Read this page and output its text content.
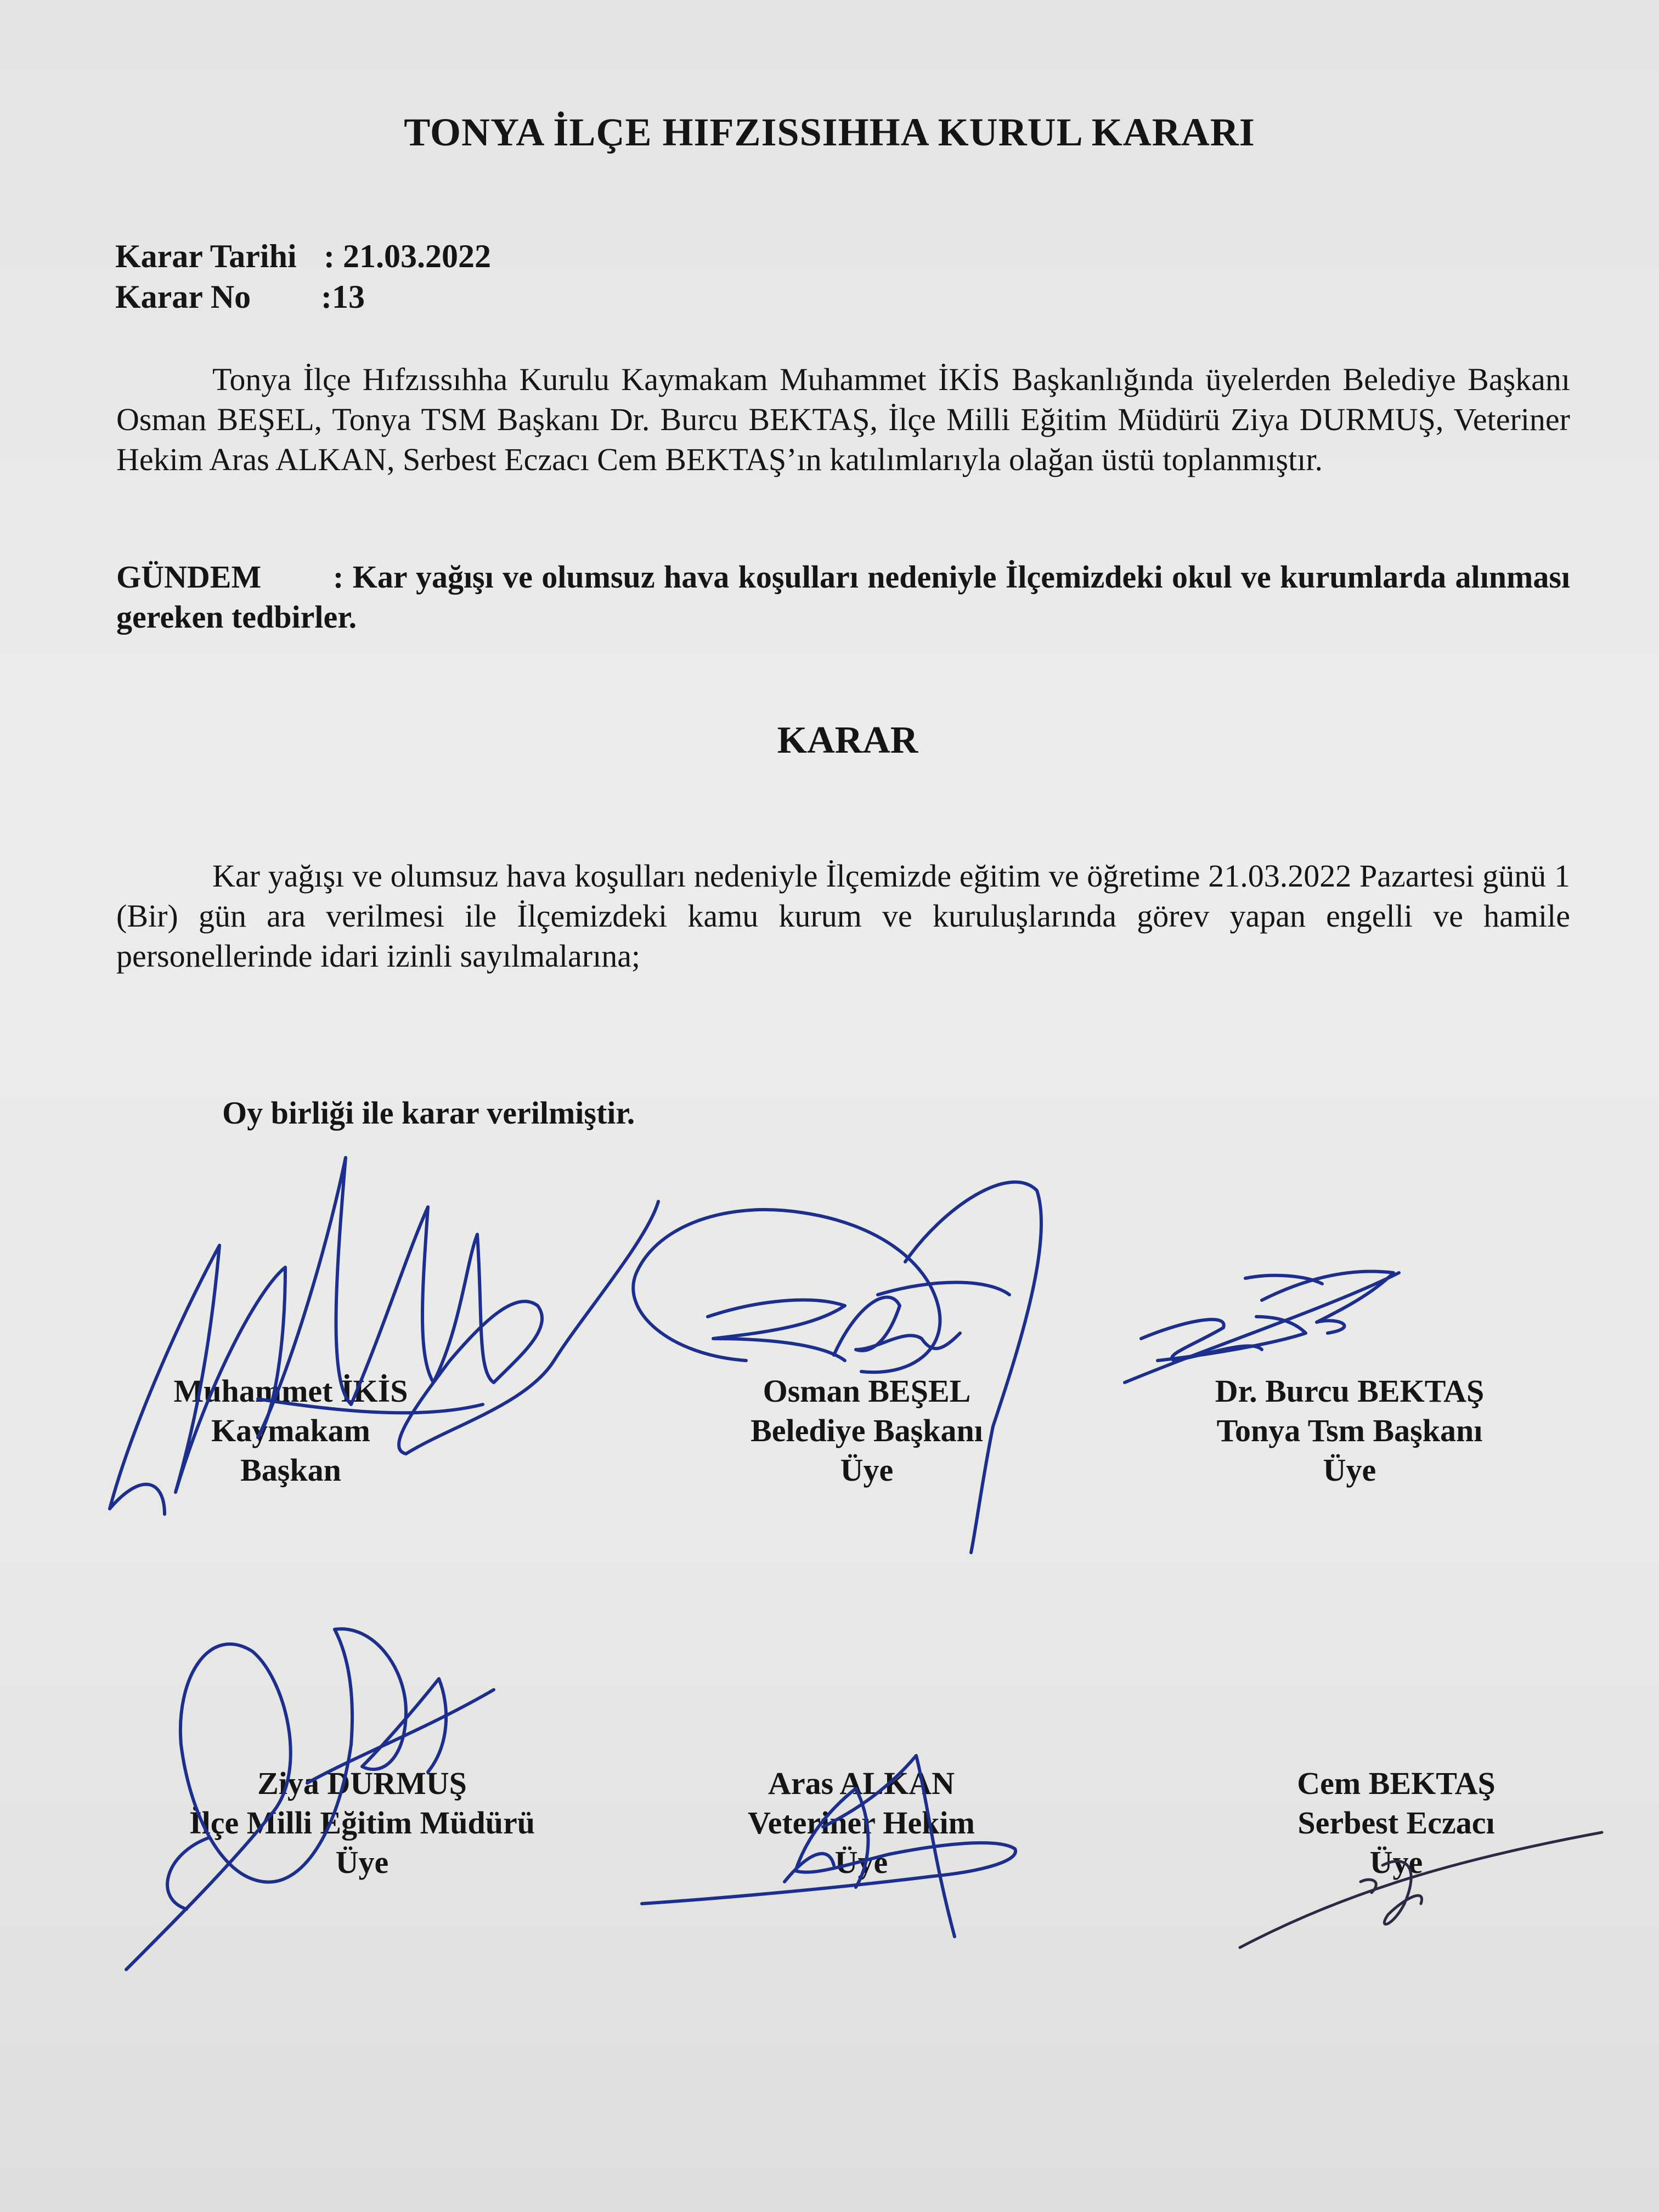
TONYA İLÇE HIFZISSIHHA KURUL KARARI
Karar Tarihi : 21.03.2022
Karar No :13
Tonya İlçe Hıfzıssıhha Kurulu Kaymakam Muhammet İKİS Başkanlığında üyelerden Belediye Başkanı Osman BEŞEL, Tonya TSM Başkanı Dr. Burcu BEKTAŞ, İlçe Milli Eğitim Müdürü Ziya DURMUŞ, Veteriner Hekim Aras ALKAN, Serbest Eczacı Cem BEKTAŞ’ın katılımlarıyla olağan üstü toplanmıştır.
GÜNDEM : Kar yağışı ve olumsuz hava koşulları nedeniyle İlçemizdeki okul ve kurumlarda alınması gereken tedbirler.
KARAR
Kar yağışı ve olumsuz hava koşulları nedeniyle İlçemizde eğitim ve öğretime 21.03.2022 Pazartesi günü 1 (Bir) gün ara verilmesi ile İlçemizdeki kamu kurum ve kuruluşlarında görev yapan engelli ve hamile personellerinde idari izinli sayılmalarına;
Oy birliği ile karar verilmiştir.
Muhammet İKİS
Kaymakam
Başkan
Osman BEŞEL
Belediye Başkanı
Üye
Dr. Burcu BEKTAŞ
Tonya Tsm Başkanı
Üye
Ziya DURMUŞ
İlçe Milli Eğitim Müdürü
Üye
Aras ALKAN
Veteriner Hekim
Üye
Cem BEKTAŞ
Serbest Eczacı
Üye
